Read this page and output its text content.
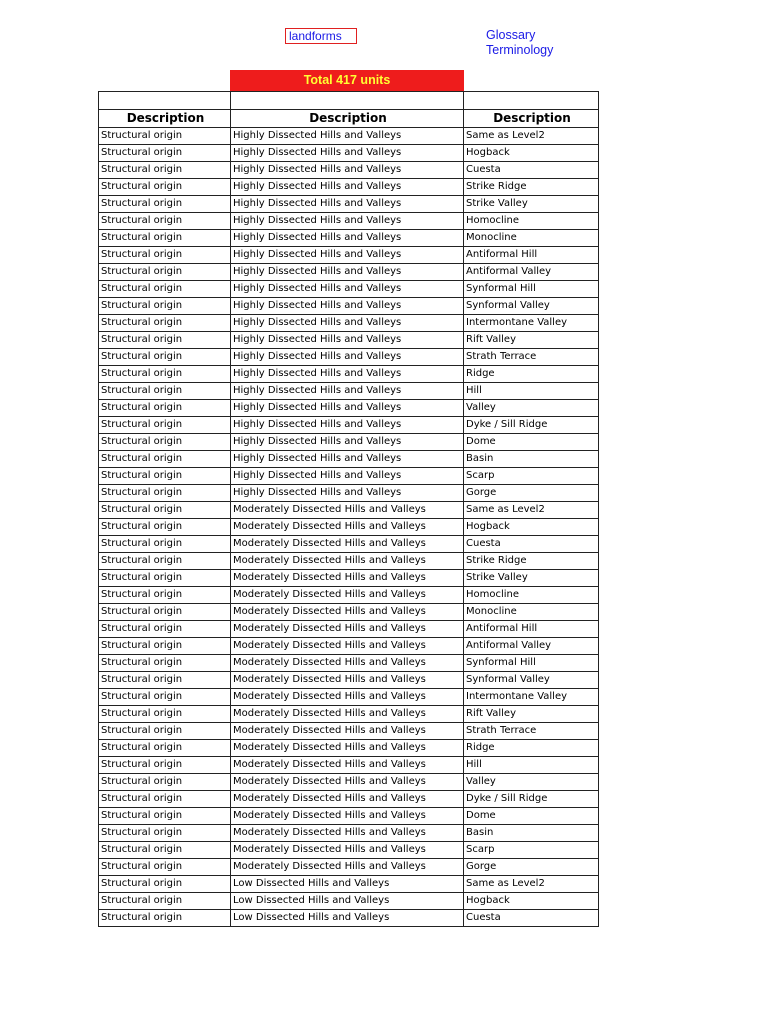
landforms	Glossary
Terminology
Total 417 units

Description	Description	Description
Structural origin	Highly Dissected Hills and Valleys	Same as Level2
Structural origin	Highly Dissected Hills and Valleys	Hogback
Structural origin	Highly Dissected Hills and Valleys	Cuesta
Structural origin	Highly Dissected Hills and Valleys	Strike Ridge
Structural origin	Highly Dissected Hills and Valleys	Strike Valley
Structural origin	Highly Dissected Hills and Valleys	Homocline
Structural origin	Highly Dissected Hills and Valleys	Monocline
Structural origin	Highly Dissected Hills and Valleys	Antiformal Hill
Structural origin	Highly Dissected Hills and Valleys	Antiformal Valley
Structural origin	Highly Dissected Hills and Valleys	Synformal Hill
Structural origin	Highly Dissected Hills and Valleys	Synformal Valley
Structural origin	Highly Dissected Hills and Valleys	Intermontane Valley
Structural origin	Highly Dissected Hills and Valleys	Rift Valley
Structural origin	Highly Dissected Hills and Valleys	Strath Terrace
Structural origin	Highly Dissected Hills and Valleys	Ridge
Structural origin	Highly Dissected Hills and Valleys	Hill
Structural origin	Highly Dissected Hills and Valleys	Valley
Structural origin	Highly Dissected Hills and Valleys	Dyke / Sill Ridge
Structural origin	Highly Dissected Hills and Valleys	Dome
Structural origin	Highly Dissected Hills and Valleys	Basin
Structural origin	Highly Dissected Hills and Valleys	Scarp
Structural origin	Highly Dissected Hills and Valleys	Gorge
Structural origin	Moderately Dissected Hills and Valleys	Same as Level2
Structural origin	Moderately Dissected Hills and Valleys	Hogback
Structural origin	Moderately Dissected Hills and Valleys	Cuesta
Structural origin	Moderately Dissected Hills and Valleys	Strike Ridge
Structural origin	Moderately Dissected Hills and Valleys	Strike Valley
Structural origin	Moderately Dissected Hills and Valleys	Homocline
Structural origin	Moderately Dissected Hills and Valleys	Monocline
Structural origin	Moderately Dissected Hills and Valleys	Antiformal Hill
Structural origin	Moderately Dissected Hills and Valleys	Antiformal Valley
Structural origin	Moderately Dissected Hills and Valleys	Synformal Hill
Structural origin	Moderately Dissected Hills and Valleys	Synformal Valley
Structural origin	Moderately Dissected Hills and Valleys	Intermontane Valley
Structural origin	Moderately Dissected Hills and Valleys	Rift Valley
Structural origin	Moderately Dissected Hills and Valleys	Strath Terrace
Structural origin	Moderately Dissected Hills and Valleys	Ridge
Structural origin	Moderately Dissected Hills and Valleys	Hill
Structural origin	Moderately Dissected Hills and Valleys	Valley
Structural origin	Moderately Dissected Hills and Valleys	Dyke / Sill Ridge
Structural origin	Moderately Dissected Hills and Valleys	Dome
Structural origin	Moderately Dissected Hills and Valleys	Basin
Structural origin	Moderately Dissected Hills and Valleys	Scarp
Structural origin	Moderately Dissected Hills and Valleys	Gorge
Structural origin	Low Dissected Hills and Valleys	Same as Level2
Structural origin	Low Dissected Hills and Valleys	Hogback
Structural origin	Low Dissected Hills and Valleys	Cuesta
